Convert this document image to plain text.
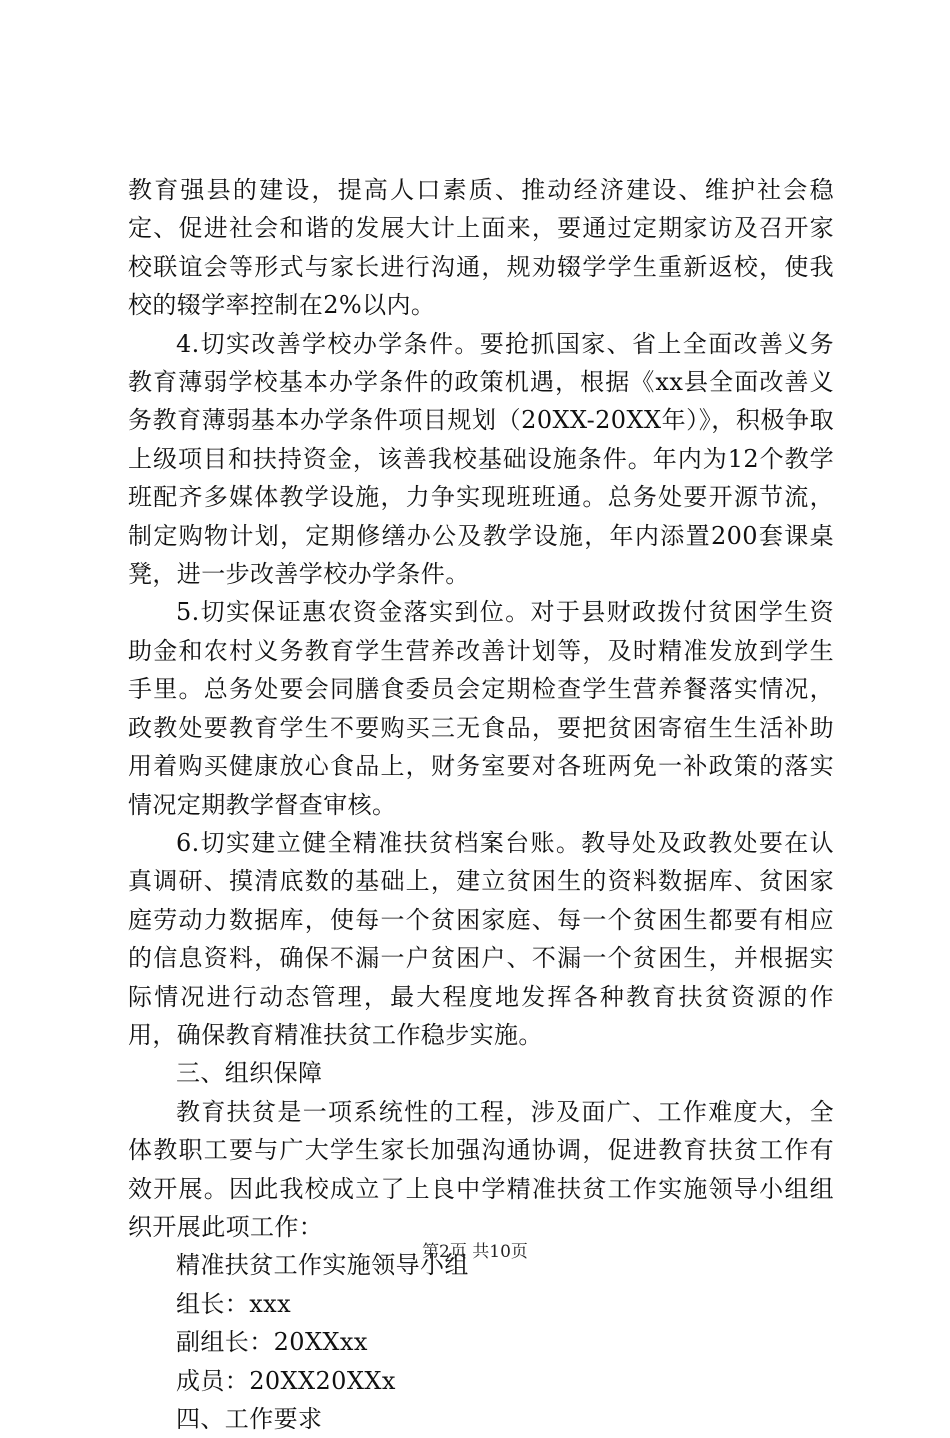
教育强县的建设，提高人口素质、推动经济建设、维护社会稳定、促进社会和谐的发展大计上面来，要通过定期家访及召开家校联谊会等形式与家长进行沟通，规劝辍学学生重新返校，使我校的辍学率控制在2%以内。

4.切实改善学校办学条件。要抢抓国家、省上全面改善义务教育薄弱学校基本办学条件的政策机遇，根据《xx县全面改善义务教育薄弱基本办学条件项目规划（20XX-20XX年）》，积极争取上级项目和扶持资金，该善我校基础设施条件。年内为12个教学班配齐多媒体教学设施，力争实现班班通。总务处要开源节流，制定购物计划，定期修缮办公及教学设施，年内添置200套课桌凳，进一步改善学校办学条件。

5.切实保证惠农资金落实到位。对于县财政拨付贫困学生资助金和农村义务教育学生营养改善计划等，及时精准发放到学生手里。总务处要会同膳食委员会定期检查学生营养餐落实情况，政教处要教育学生不要购买三无食品，要把贫困寄宿生生活补助用着购买健康放心食品上，财务室要对各班两免一补政策的落实情况定期教学督查审核。

6.切实建立健全精准扶贫档案台账。教导处及政教处要在认真调研、摸清底数的基础上，建立贫困生的资料数据库、贫困家庭劳动力数据库，使每一个贫困家庭、每一个贫困生都要有相应的信息资料，确保不漏一户贫困户、不漏一个贫困生，并根据实际情况进行动态管理，最大程度地发挥各种教育扶贫资源的作用，确保教育精准扶贫工作稳步实施。

三、组织保障

教育扶贫是一项系统性的工程，涉及面广、工作难度大，全体教职工要与广大学生家长加强沟通协调，促进教育扶贫工作有效开展。因此我校成立了上良中学精准扶贫工作实施领导小组组织开展此项工作：

精准扶贫工作实施领导小组

组长：xxx

副组长：20XXxx

成员：20XX20XXx

四、工作要求

第2页 共10页
